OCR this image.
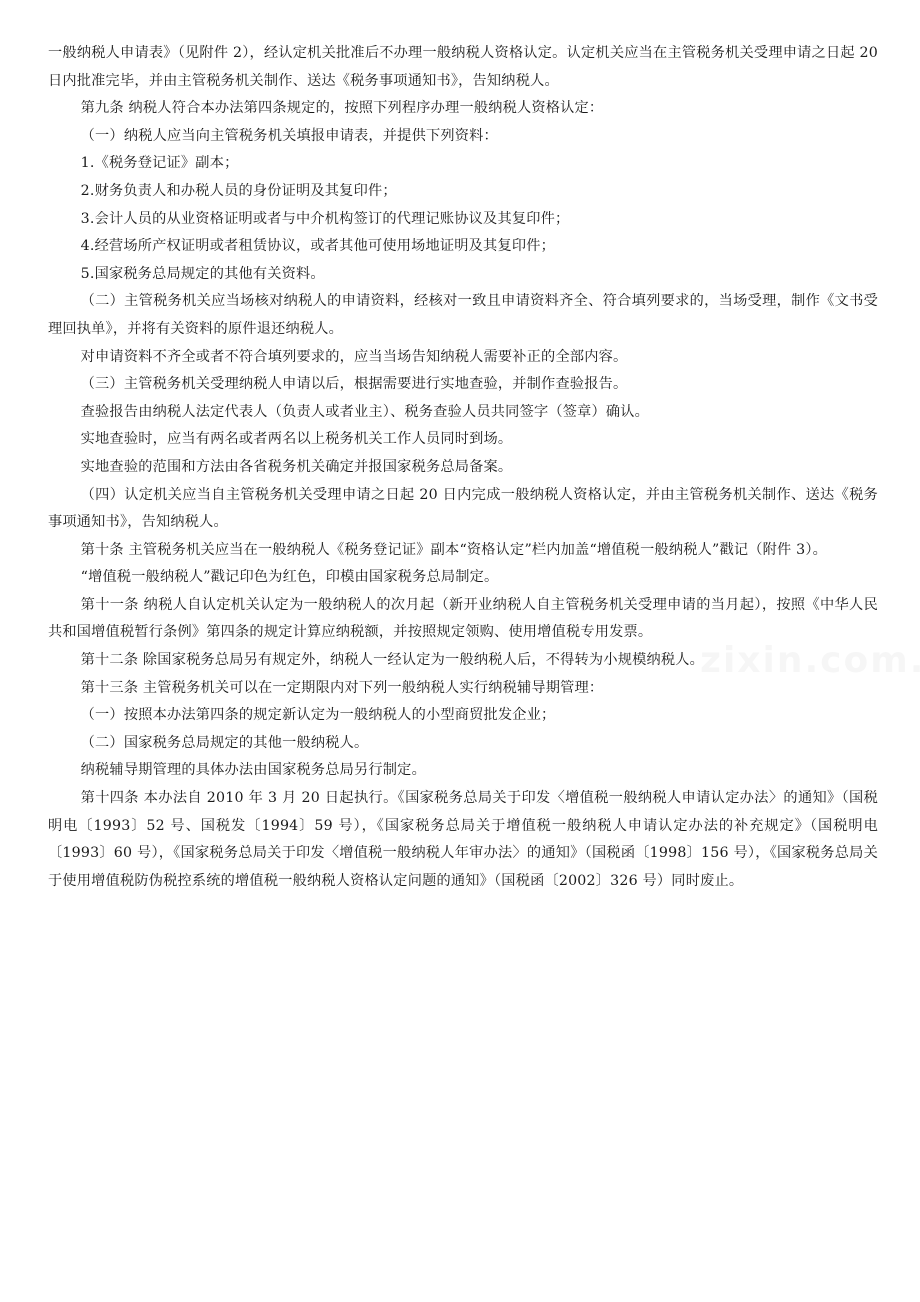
一般纳税人申请表》（见附件 2），经认定机关批准后不办理一般纳税人资格认定。认定机关应当在主管税务机关受理申请之日起 20 日内批准完毕，并由主管税务机关制作、送达《税务事项通知书》，告知纳税人。

第九条 纳税人符合本办法第四条规定的，按照下列程序办理一般纳税人资格认定：

（一）纳税人应当向主管税务机关填报申请表，并提供下列资料：

1.《税务登记证》副本；

2.财务负责人和办税人员的身份证明及其复印件；

3.会计人员的从业资格证明或者与中介机构签订的代理记账协议及其复印件；

4.经营场所产权证明或者租赁协议，或者其他可使用场地证明及其复印件；

5.国家税务总局规定的其他有关资料。

（二）主管税务机关应当场核对纳税人的申请资料，经核对一致且申请资料齐全、符合填列要求的，当场受理，制作《文书受理回执单》，并将有关资料的原件退还纳税人。

对申请资料不齐全或者不符合填列要求的，应当当场告知纳税人需要补正的全部内容。

（三）主管税务机关受理纳税人申请以后，根据需要进行实地查验，并制作查验报告。

查验报告由纳税人法定代表人（负责人或者业主）、税务查验人员共同签字（签章）确认。

实地查验时，应当有两名或者两名以上税务机关工作人员同时到场。

实地查验的范围和方法由各省税务机关确定并报国家税务总局备案。

（四）认定机关应当自主管税务机关受理申请之日起 20 日内完成一般纳税人资格认定，并由主管税务机关制作、送达《税务事项通知书》，告知纳税人。

第十条 主管税务机关应当在一般纳税人《税务登记证》副本“资格认定”栏内加盖“增值税一般纳税人”戳记（附件 3）。

“增值税一般纳税人”戳记印色为红色，印模由国家税务总局制定。

第十一条 纳税人自认定机关认定为一般纳税人的次月起（新开业纳税人自主管税务机关受理申请的当月起），按照《中华人民共和国增值税暂行条例》第四条的规定计算应纳税额，并按照规定领购、使用增值税专用发票。

第十二条 除国家税务总局另有规定外，纳税人一经认定为一般纳税人后，不得转为小规模纳税人。

第十三条 主管税务机关可以在一定期限内对下列一般纳税人实行纳税辅导期管理：

（一）按照本办法第四条的规定新认定为一般纳税人的小型商贸批发企业；

（二）国家税务总局规定的其他一般纳税人。

纳税辅导期管理的具体办法由国家税务总局另行制定。

第十四条 本办法自 2010 年 3 月 20 日起执行。《国家税务总局关于印发〈增值税一般纳税人申请认定办法〉的通知》（国税明电〔1993〕52 号、国税发〔1994〕59 号），《国家税务总局关于增值税一般纳税人申请认定办法的补充规定》（国税明电〔1993〕60 号），《国家税务总局关于印发〈增值税一般纳税人年审办法〉的通知》（国税函〔1998〕156 号），《国家税务总局关于使用增值税防伪税控系统的增值税一般纳税人资格认定问题的通知》（国税函〔2002〕326 号）同时废止。
